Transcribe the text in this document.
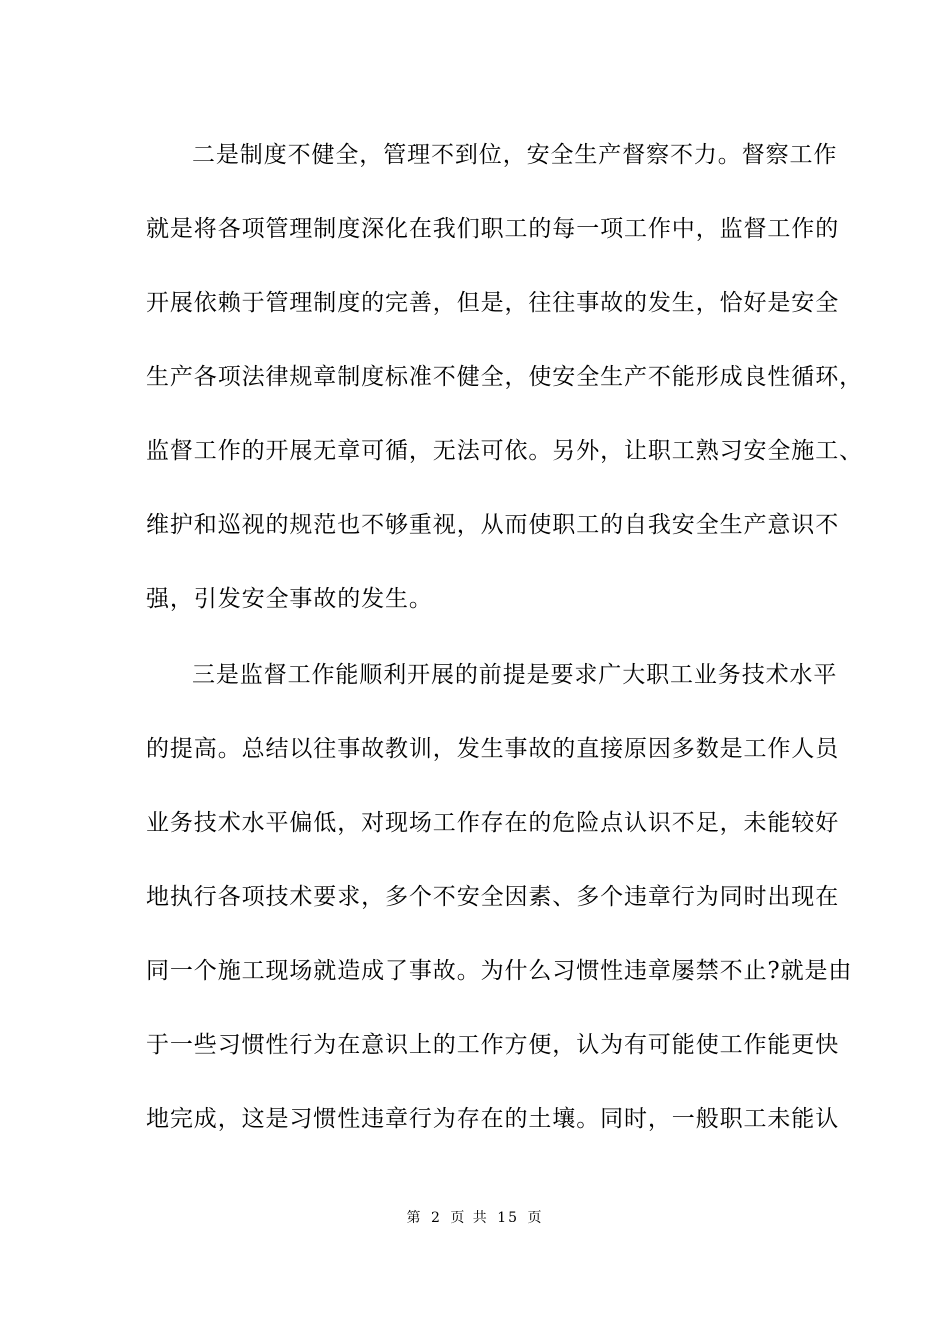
二是制度不健全，管理不到位，安全生产督察不力。督察工作
就是将各项管理制度深化在我们职工的每一项工作中，监督工作的
开展依赖于管理制度的完善，但是，往往事故的发生，恰好是安全
生产各项法律规章制度标准不健全，使安全生产不能形成良性循环，
监督工作的开展无章可循，无法可依。另外，让职工熟习安全施工、
维护和巡视的规范也不够重视，从而使职工的自我安全生产意识不
强，引发安全事故的发生。
三是监督工作能顺利开展的前提是要求广大职工业务技术水平
的提高。总结以往事故教训，发生事故的直接原因多数是工作人员
业务技术水平偏低，对现场工作存在的危险点认识不足，未能较好
地执行各项技术要求，多个不安全因素、多个违章行为同时出现在
同一个施工现场就造成了事故。为什么习惯性违章屡禁不止?就是由
于一些习惯性行为在意识上的工作方便，认为有可能使工作能更快
地完成，这是习惯性违章行为存在的土壤。同时，一般职工未能认
第 2 页 共 15 页
